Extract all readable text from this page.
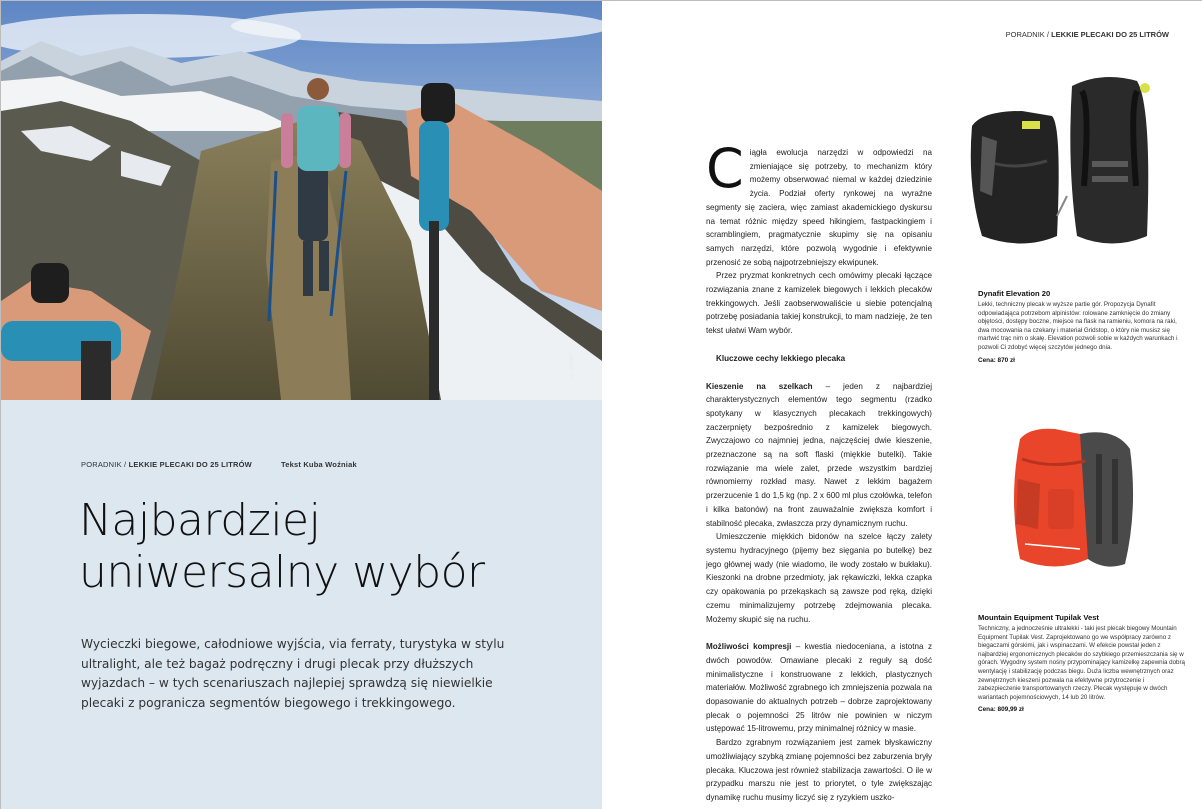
©Dynafit
PORADNIK / LEKKIE PLECAKI DO 25 LITRÓW	Tekst Kuba Woźniak
Najbardziej
uniwersalny wybór

Wycieczki biegowe, całodniowe wyjścia, via ferraty, turystyka w stylu ultralight, ale też bagaż podręczny i drugi plecak przy dłuższych wyjazdach – w tych scenariuszach najlepiej sprawdzą się niewielkie plecaki z pogranicza segmentów biegowego i trekkingowego.

PORADNIK / LEKKIE PLECAKI DO 25 LITRÓW

Ciągła ewolucja narzędzi w odpowiedzi na zmieniające się potrzeby, to mechanizm który możemy obserwować niemal w każdej dziedzinie życia. Podział oferty rynkowej na wyraźne segmenty się zaciera, więc zamiast akademickiego dyskursu na temat różnic między speed hikingiem, fastpackingiem i scramblingiem, pragmatycznie skupimy się na opisaniu samych narzędzi, które pozwolą wygodnie i efektywnie przenosić ze sobą najpotrzebniejszy ekwipunek.

Przez pryzmat konkretnych cech omówimy plecaki łączące rozwiązania znane z kamizelek biegowych i lekkich plecaków trekkingowych. Jeśli zaobserwowaliście u siebie potencjalną potrzebę posiadania takiej konstrukcji, to mam nadzieję, że ten tekst ułatwi Wam wybór.

Kluczowe cechy lekkiego plecaka

Kieszenie na szelkach – jeden z najbardziej charakterystycznych elementów tego segmentu (rzadko spotykany w klasycznych plecakach trekkingowych) zaczerpnięty bezpośrednio z kamizelek biegowych. Zwyczajowo co najmniej jedna, najczęściej dwie kieszenie, przeznaczone są na soft flaski (miękkie butelki). Takie rozwiązanie ma wiele zalet, przede wszystkim bardziej równomierny rozkład masy. Nawet z lekkim bagażem przerzucenie 1 do 1,5 kg (np. 2 x 600 ml plus czołówka, telefon i kilka batonów) na front zauważalnie zwiększa komfort i stabilność plecaka, zwłaszcza przy dynamicznym ruchu.

Umieszczenie miękkich bidonów na szelce łączy zalety systemu hydracyjnego (pijemy bez sięgania po butelkę) bez jego głównej wady (nie wiadomo, ile wody zostało w bukłaku). Kieszonki na drobne przedmioty, jak rękawiczki, lekka czapka czy opakowania po przekąskach są zawsze pod ręką, dzięki czemu minimalizujemy potrzebę zdejmowania plecaka. Możemy skupić się na ruchu.

Możliwości kompresji – kwestia niedoceniana, a istotna z dwóch powodów. Omawiane plecaki z reguły są dość minimalistyczne i konstruowane z lekkich, plastycznych materiałów. Możliwość zgrabnego ich zmniejszenia pozwala na dopasowanie do aktualnych potrzeb – dobrze zaprojektowany plecak o pojemności 25 litrów nie powinien w niczym ustępować 15-litrowemu, przy minimalnej różnicy w masie.

Bardzo zgrabnym rozwiązaniem jest zamek błyskawiczny umożliwiający szybką zmianę pojemności bez zaburzenia bryły plecaka. Kluczowa jest również stabilizacja zawartości. O ile w przypadku marszu nie jest to priorytet, o tyle zwiększając dynamikę ruchu musimy liczyć się z ryzykiem uszko-

Dynafit Elevation 20
Lekki, techniczny plecak w wyższe partie gór. Propozycja Dynafit odpowiadająca potrzebom alpinistów: rolowane zamknięcie do zmiany objętości, dostępy boczne, miejsce na flask na ramieniu, komora na raki, dwa mocowania na czekany i materiał Gridstop, o który nie musisz się martwić trąc nim o skałę. Elevation pozwoli sobie w każdych warunkach i pozwoli Ci zdobyć więcej szczytów jednego dnia.
Cena: 870 zł
Mountain Equipment Tupilak Vest
Techniczny, a jednocześnie ultralekki - taki jest plecak biegowy Mountain Equipment Tupilak Vest. Zaprojektowano go we współpracy zarówno z biegaczami górskimi, jak i wspinaczami. W efekcie powstał jeden z najbardziej ergonomicznych plecaków do szybkiego przemieszczania się w górach. Wygodny system nośny przypominający kamizelkę zapewnia dobrą wentylację i stabilizację podczas biegu. Duża liczba wewnętrznych oraz zewnętrznych kieszeni pozwala na efektywne przytroczenie i zabezpieczenie transportowanych rzeczy. Plecak występuje w dwóch wariantach pojemnościowych, 14 lub 20 litrów.
Cena: 809,99 zł
